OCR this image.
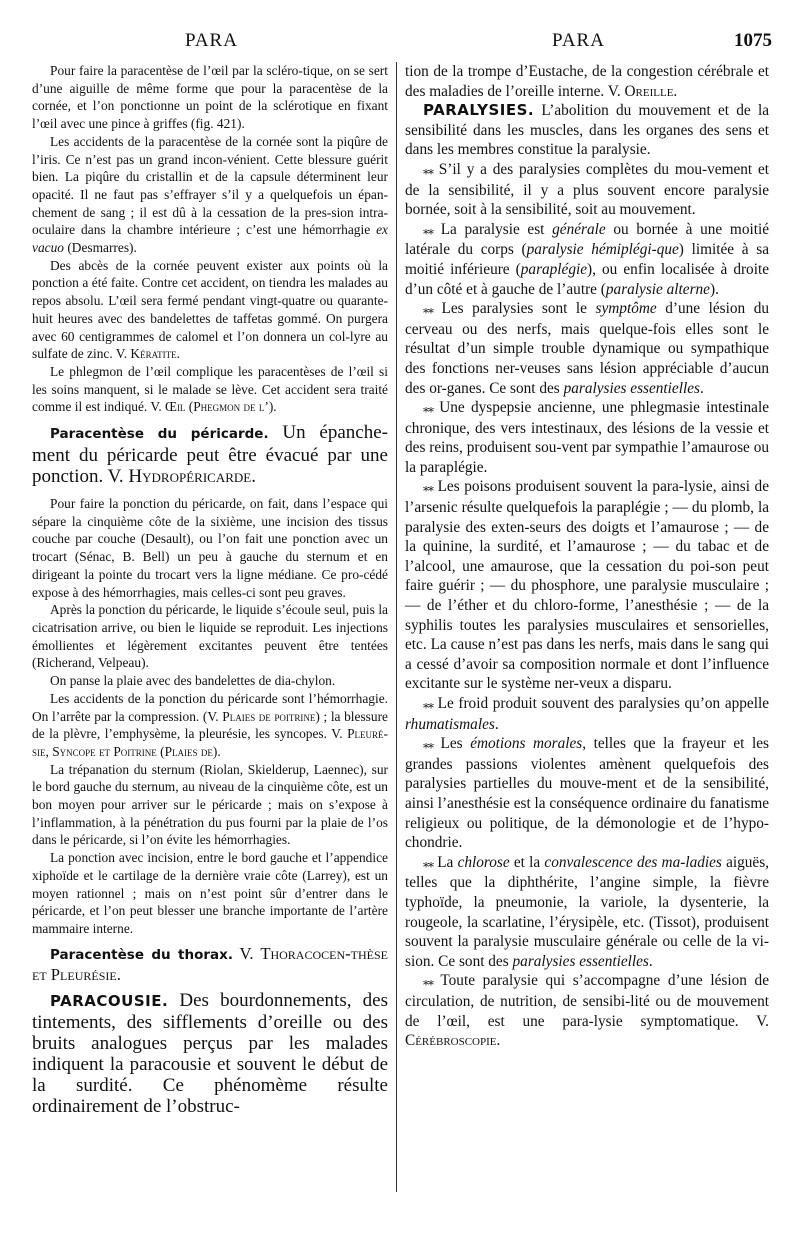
PARA	PARA	1075

Pour faire la paracentèse de l’œil par la scléro-tique, on se sert d’une aiguille de même forme que pour la paracentèse de la cornée, et l’on ponctionne un point de la sclérotique en fixant l’œil avec une pince à griffes (fig. 421).

Les accidents de la paracentèse de la cornée sont la piqûre de l’iris. Ce n’est pas un grand incon-vénient. Cette blessure guérit bien. La piqûre du cristallin et de la capsule déterminent leur opacité. Il ne faut pas s’effrayer s’il y a quelquefois un épan-chement de sang ; il est dû à la cessation de la pres-sion intra-oculaire dans la chambre intérieure ; c’est une hémorrhagie ex vacuo (Desmarres).

Des abcès de la cornée peuvent exister aux points où la ponction a été faite. Contre cet accident, on tiendra les malades au repos absolu. L’œil sera fermé pendant vingt-quatre ou quarante-huit heures avec des bandelettes de taffetas gommé. On purgera avec 60 centigrammes de calomel et l’on donnera un col-lyre au sulfate de zinc. V. Kératite.

Le phlegmon de l’œil complique les paracentèses de l’œil si les soins manquent, si le malade se lève. Cet accident sera traité comme il est indiqué. V. Œil (Phegmon de l’).

Paracentèse du péricarde. Un épanche-ment du péricarde peut être évacué par une ponction. V. Hydropéricarde.

Pour faire la ponction du péricarde, on fait, dans l’espace qui sépare la cinquième côte de la sixième, une incision des tissus couche par couche (Desault), ou l’on fait une ponction avec un trocart (Sénac, B. Bell) un peu à gauche du sternum et en dirigeant la pointe du trocart vers la ligne médiane. Ce pro-cédé expose à des hémorrhagies, mais celles-ci sont peu graves.

Après la ponction du péricarde, le liquide s’écoule seul, puis la cicatrisation arrive, ou bien le liquide se reproduit. Les injections émollientes et légèrement excitantes peuvent être tentées (Richerand, Velpeau).

On panse la plaie avec des bandelettes de dia-chylon.

Les accidents de la ponction du péricarde sont l’hémorrhagie. On l’arrête par la compression. (V. Plaies de poitrine) ; la blessure de la plèvre, l’emphysème, la pleurésie, les syncopes. V. Pleuré-sie, Syncope et Poitrine (Plaies de).

La trépanation du sternum (Riolan, Skielderup, Laennec), sur le bord gauche du sternum, au niveau de la cinquième côte, est un bon moyen pour arriver sur le péricarde ; mais on s’expose à l’inflammation, à la pénétration du pus fourni par la plaie de l’os dans le péricarde, si l’on évite les hémorrhagies.

La ponction avec incision, entre le bord gauche et l’appendice xiphoïde et le cartilage de la dernière vraie côte (Larrey), est un moyen rationnel ; mais on n’est point sûr d’entrer dans le péricarde, et l’on peut blesser une branche importante de l’artère mammaire interne.

Paracentèse du thorax. V. Thoracocen-thèse et Pleurésie.

PARACOUSIE. Des bourdonnements, des tintements, des sifflements d’oreille ou des bruits analogues perçus par les malades indiquent la paracousie et souvent le début de la surdité. Ce phénomème résulte ordinairement de l’obstruc-

tion de la trompe d’Eustache, de la congestion cérébrale et des maladies de l’oreille interne. V. Oreille.

PARALYSIES. L’abolition du mouvement et de la sensibilité dans les muscles, dans les organes des sens et dans les membres constitue la paralysie.

⁎⁎ S’il y a des paralysies complètes du mou-vement et de la sensibilité, il y a plus souvent encore paralysie bornée, soit à la sensibilité, soit au mouvement.

⁎⁎ La paralysie est générale ou bornée à une moitié latérale du corps (paralysie hémiplégi-que) limitée à sa moitié inférieure (paraplégie), ou enfin localisée à droite d’un côté et à gauche de l’autre (paralysie alterne).

⁎⁎ Les paralysies sont le symptôme d’une lésion du cerveau ou des nerfs, mais quelque-fois elles sont le résultat d’un simple trouble dynamique ou sympathique des fonctions ner-veuses sans lésion appréciable d’aucun des or-ganes. Ce sont des paralysies essentielles.

⁎⁎ Une dyspepsie ancienne, une phlegmasie intestinale chronique, des vers intestinaux, des lésions de la vessie et des reins, produisent sou-vent par sympathie l’amaurose ou la paraplégie.

⁎⁎ Les poisons produisent souvent la para-lysie, ainsi de l’arsenic résulte quelquefois la paraplégie ; — du plomb, la paralysie des exten-seurs des doigts et l’amaurose ; — de la quinine, la surdité, et l’amaurose ; — du tabac et de l’alcool, une amaurose, que la cessation du poi-son peut faire guérir ; — du phosphore, une paralysie musculaire ; — de l’éther et du chloro-forme, l’anesthésie ; — de la syphilis toutes les paralysies musculaires et sensorielles, etc. La cause n’est pas dans les nerfs, mais dans le sang qui a cessé d’avoir sa composition normale et dont l’influence excitante sur le système ner-veux a disparu.

⁎⁎ Le froid produit souvent des paralysies qu’on appelle rhumatismales.

⁎⁎ Les émotions morales, telles que la frayeur et les grandes passions violentes amènent quelquefois des paralysies partielles du mouve-ment et de la sensibilité, ainsi l’anesthésie est la conséquence ordinaire du fanatisme religieux ou politique, de la démonologie et de l’hypo-chondrie.

⁎⁎ La chlorose et la convalescence des ma-ladies aiguës, telles que la diphthérite, l’angine simple, la fièvre typhoïde, la pneumonie, la variole, la dysenterie, la rougeole, la scarlatine, l’érysipèle, etc. (Tissot), produisent souvent la paralysie musculaire générale ou celle de la vi-sion. Ce sont des paralysies essentielles.

⁎⁎ Toute paralysie qui s’accompagne d’une lésion de circulation, de nutrition, de sensibi-lité ou de mouvement de l’œil, est une para-lysie symptomatique. V. Cérébroscopie.
